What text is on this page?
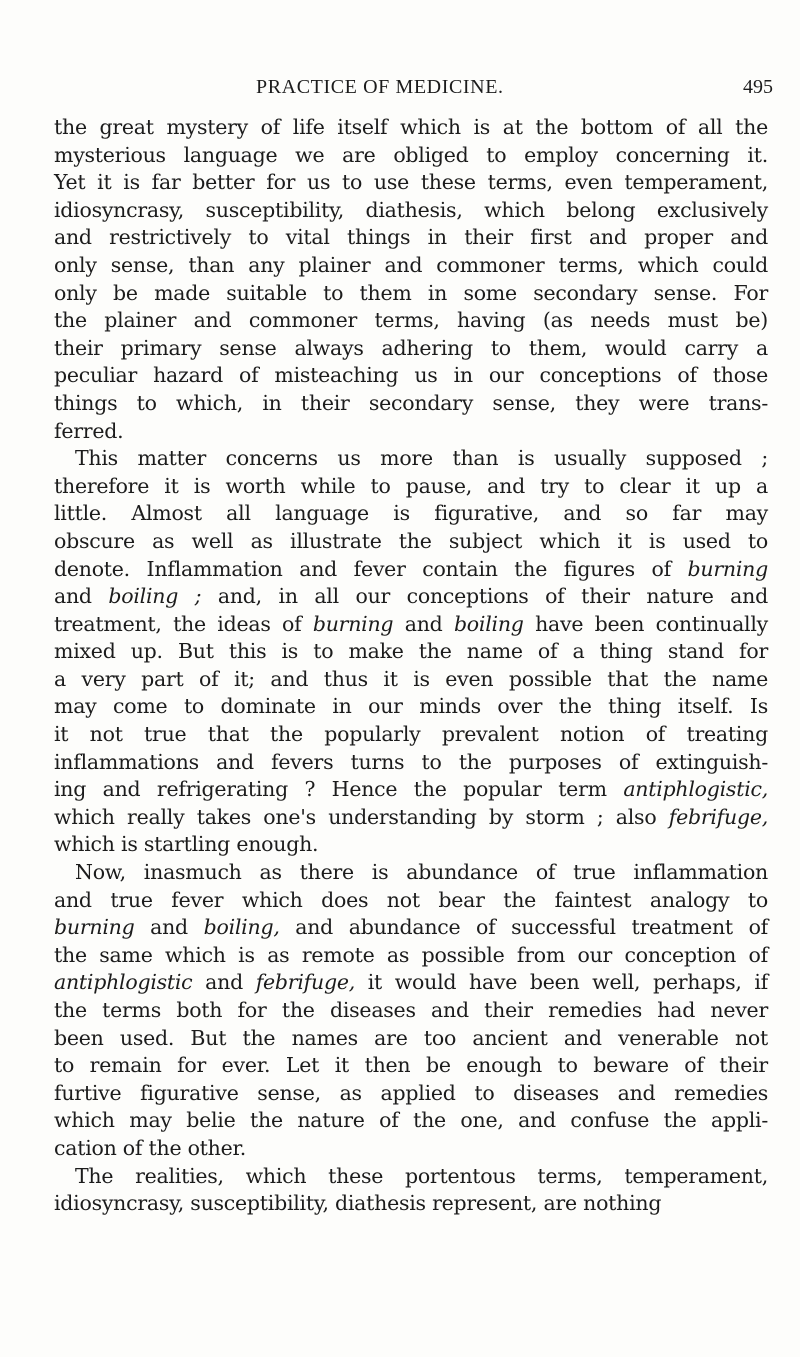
PRACTICE OF MEDICINE.	495
the great mystery of life itself which is at the bottom of all the
mysterious language we are obliged to employ concerning it.
Yet it is far better for us to use these terms, even temperament,
idiosyncrasy, susceptibility, diathesis, which belong exclusively
and restrictively to vital things in their first and proper and
only sense, than any plainer and commoner terms, which could
only be made suitable to them in some secondary sense. For
the plainer and commoner terms, having (as needs must be)
their primary sense always adhering to them, would carry a
peculiar hazard of misteaching us in our conceptions of those
things to which, in their secondary sense, they were trans-
ferred.
This matter concerns us more than is usually supposed ;
therefore it is worth while to pause, and try to clear it up a
little. Almost all language is figurative, and so far may
obscure as well as illustrate the subject which it is used to
denote. Inflammation and fever contain the figures of burning
and boiling ; and, in all our conceptions of their nature and
treatment, the ideas of burning and boiling have been continually
mixed up. But this is to make the name of a thing stand for
a very part of it; and thus it is even possible that the name
may come to dominate in our minds over the thing itself. Is
it not true that the popularly prevalent notion of treating
inflammations and fevers turns to the purposes of extinguish-
ing and refrigerating ? Hence the popular term antiphlogistic,
which really takes one's understanding by storm ; also febrifuge,
which is startling enough.
Now, inasmuch as there is abundance of true inflammation
and true fever which does not bear the faintest analogy to
burning and boiling, and abundance of successful treatment of
the same which is as remote as possible from our conception of
antiphlogistic and febrifuge, it would have been well, perhaps, if
the terms both for the diseases and their remedies had never
been used. But the names are too ancient and venerable not
to remain for ever. Let it then be enough to beware of their
furtive figurative sense, as applied to diseases and remedies
which may belie the nature of the one, and confuse the appli-
cation of the other.
The realities, which these portentous terms, temperament,
idiosyncrasy, susceptibility, diathesis represent, are nothing
